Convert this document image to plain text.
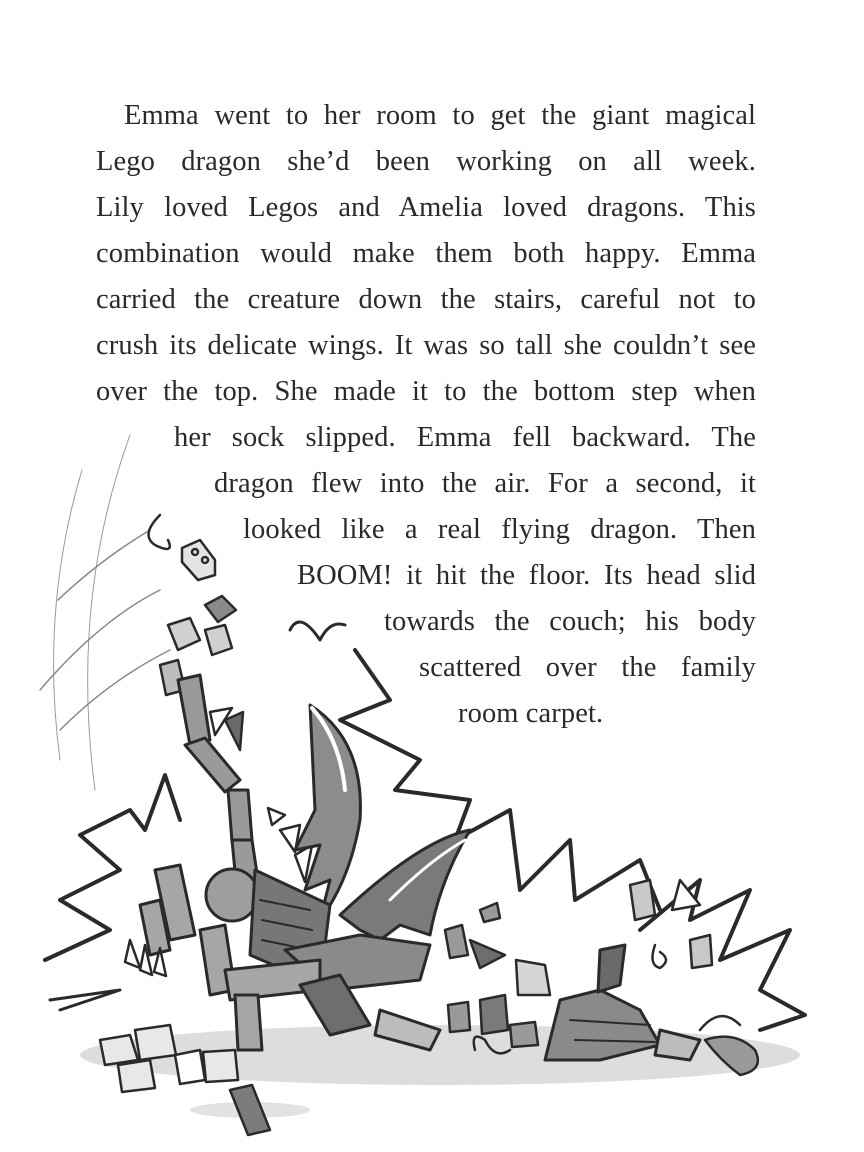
Emma went to her room to get the giant magical
Lego dragon she’d been working on all week.
Lily loved Legos and Amelia loved dragons. This
combination would make them both happy. Emma
carried the creature down the stairs, careful not to
crush its delicate wings. It was so tall she couldn’t see
over the top. She made it to the bottom step when
her sock slipped. Emma fell backward. The
dragon flew into the air. For a second, it
looked like a real flying dragon. Then
BOOM! it hit the floor. Its head slid
towards the couch; his body
scattered over the family
room carpet.
